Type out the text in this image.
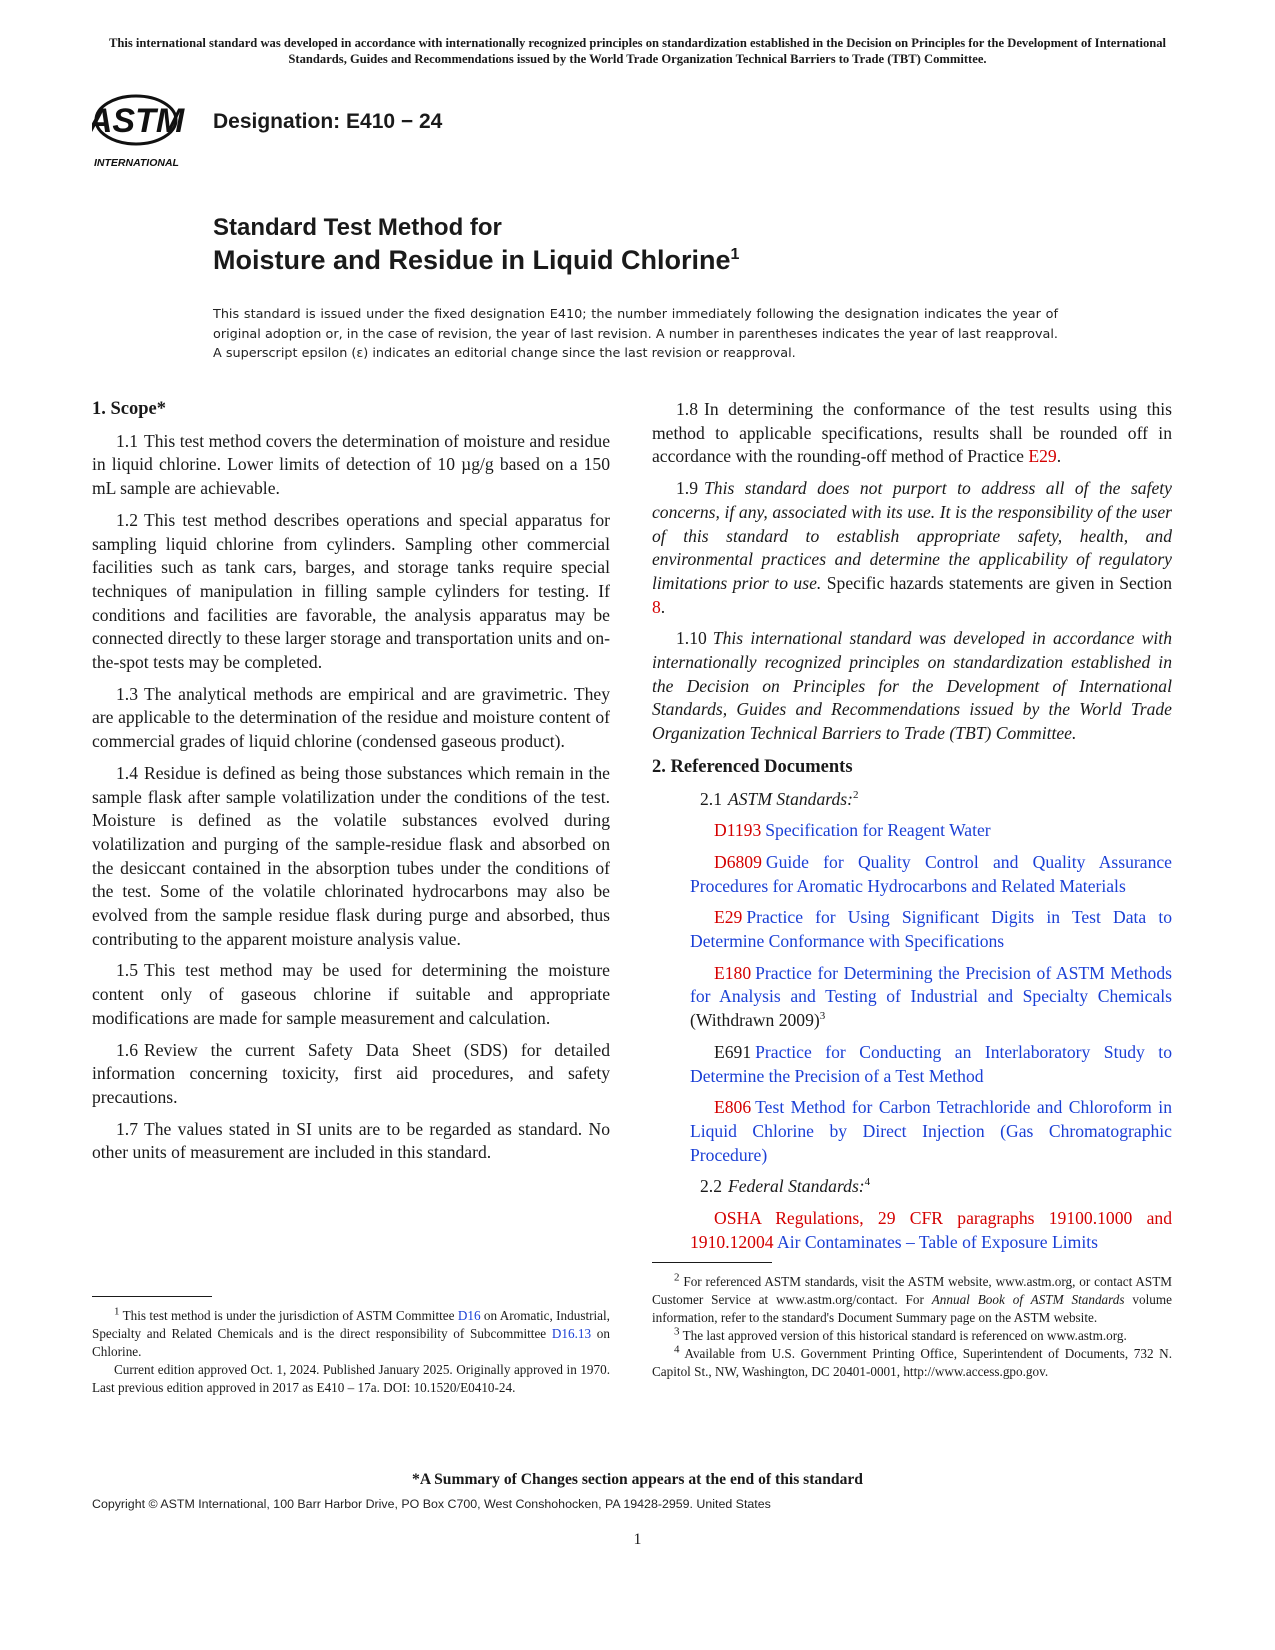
This international standard was developed in accordance with internationally recognized principles on standardization established in the Decision on Principles for the Development of International Standards, Guides and Recommendations issued by the World Trade Organization Technical Barriers to Trade (TBT) Committee.
ASTM
INTERNATIONAL
Designation: E410 − 24
Standard Test Method for
Moisture and Residue in Liquid Chlorine$^1$
This standard is issued under the fixed designation E410; the number immediately following the designation indicates the year of original adoption or, in the case of revision, the year of last revision. A number in parentheses indicates the year of last reapproval. A superscript epsilon (ε) indicates an editorial change since the last revision or reapproval.
1. Scope*

1.1 This test method covers the determination of moisture and residue in liquid chlorine. Lower limits of detection of 10 µg/g based on a 150 mL sample are achievable.

1.2 This test method describes operations and special apparatus for sampling liquid chlorine from cylinders. Sampling other commercial facilities such as tank cars, barges, and storage tanks require special techniques of manipulation in filling sample cylinders for testing. If conditions and facilities are favorable, the analysis apparatus may be connected directly to these larger storage and transportation units and on-the-spot tests may be completed.

1.3 The analytical methods are empirical and are gravimetric. They are applicable to the determination of the residue and moisture content of commercial grades of liquid chlorine (condensed gaseous product).

1.4 Residue is defined as being those substances which remain in the sample flask after sample volatilization under the conditions of the test. Moisture is defined as the volatile substances evolved during volatilization and purging of the sample-residue flask and absorbed on the desiccant contained in the absorption tubes under the conditions of the test. Some of the volatile chlorinated hydrocarbons may also be evolved from the sample residue flask during purge and absorbed, thus contributing to the apparent moisture analysis value.

1.5 This test method may be used for determining the moisture content only of gaseous chlorine if suitable and appropriate modifications are made for sample measurement and calculation.

1.6 Review the current Safety Data Sheet (SDS) for detailed information concerning toxicity, first aid procedures, and safety precautions.

1.7 The values stated in SI units are to be regarded as standard. No other units of measurement are included in this standard.

1.8 In determining the conformance of the test results using this method to applicable specifications, results shall be rounded off in accordance with the rounding-off method of Practice E29.

1.9 This standard does not purport to address all of the safety concerns, if any, associated with its use. It is the responsibility of the user of this standard to establish appropriate safety, health, and environmental practices and determine the applicability of regulatory limitations prior to use. Specific hazards statements are given in Section 8.

1.10 This international standard was developed in accordance with internationally recognized principles on standardization established in the Decision on Principles for the Development of International Standards, Guides and Recommendations issued by the World Trade Organization Technical Barriers to Trade (TBT) Committee.

2. Referenced Documents

2.1 ASTM Standards:$^2$

D1193 Specification for Reagent Water

D6809 Guide for Quality Control and Quality Assurance Procedures for Aromatic Hydrocarbons and Related Materials

E29 Practice for Using Significant Digits in Test Data to Determine Conformance with Specifications

E180 Practice for Determining the Precision of ASTM Methods for Analysis and Testing of Industrial and Specialty Chemicals (Withdrawn 2009)$^3$

E691 Practice for Conducting an Interlaboratory Study to Determine the Precision of a Test Method

E806 Test Method for Carbon Tetrachloride and Chloroform in Liquid Chlorine by Direct Injection (Gas Chromatographic Procedure)

2.2 Federal Standards:$^4$

OSHA Regulations, 29 CFR paragraphs 19100.1000 and 1910.12004 Air Contaminates – Table of Exposure Limits

$^1$ This test method is under the jurisdiction of ASTM Committee D16 on Aromatic, Industrial, Specialty and Related Chemicals and is the direct responsibility of Subcommittee D16.13 on Chlorine.

Current edition approved Oct. 1, 2024. Published January 2025. Originally approved in 1970. Last previous edition approved in 2017 as E410 – 17a. DOI: 10.1520/E0410-24.

$^2$ For referenced ASTM standards, visit the ASTM website, www.astm.org, or contact ASTM Customer Service at www.astm.org/contact. For Annual Book of ASTM Standards volume information, refer to the standard's Document Summary page on the ASTM website.

$^3$ The last approved version of this historical standard is referenced on www.astm.org.

$^4$ Available from U.S. Government Printing Office, Superintendent of Documents, 732 N. Capitol St., NW, Washington, DC 20401-0001, http://www.access.gpo.gov.

*A Summary of Changes section appears at the end of this standard
Copyright © ASTM International, 100 Barr Harbor Drive, PO Box C700, West Conshohocken, PA 19428-2959. United States
1
